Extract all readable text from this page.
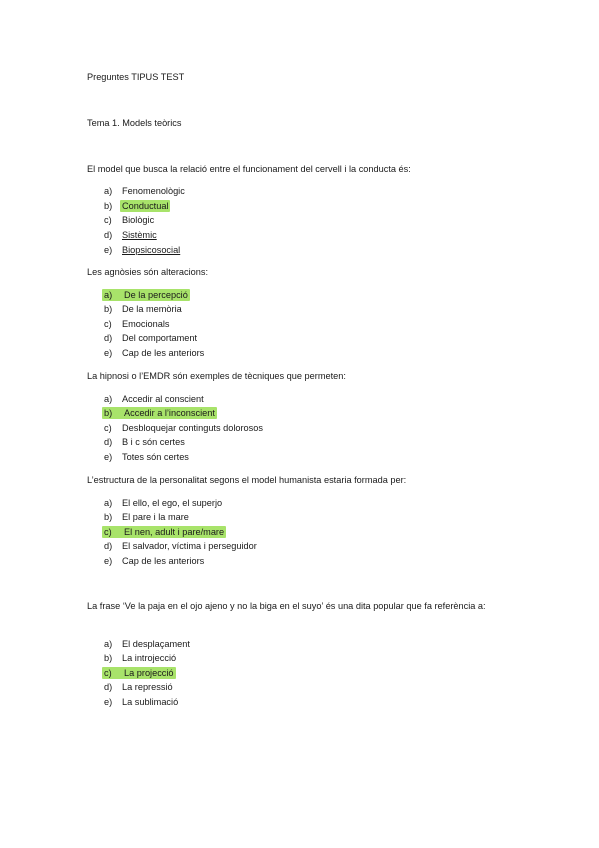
Preguntes TIPUS TEST
Tema 1. Models teòrics
El model que busca la relació entre el funcionament del cervell i la conducta és:
a) Fenomenològic
b) Conductual
c) Biològic
d) Sistèmic
e) Biopsicosocial
Les agnòsies són alteracions:
a) De la percepció
b) De la memòria
c) Emocionals
d) Del comportament
e) Cap de les anteriors
La hipnosi o l’EMDR són exemples de tècniques que permeten:
a) Accedir al conscient
b) Accedir a l’inconscient
c) Desbloquejar continguts dolorosos
d) B i c són certes
e) Totes són certes
L’estructura de la personalitat segons el model humanista estaria formada per:
a) El ello, el ego, el superjo
b) El pare i la mare
c) El nen, adult i pare/mare
d) El salvador, víctima i perseguidor
e) Cap de les anteriors
La frase ‘Ve la paja en el ojo ajeno y no la biga en el suyo’ és una dita popular que fa referència a:
a) El desplaçament
b) La introjecció
c) La projecció
d) La repressió
e) La sublimació
